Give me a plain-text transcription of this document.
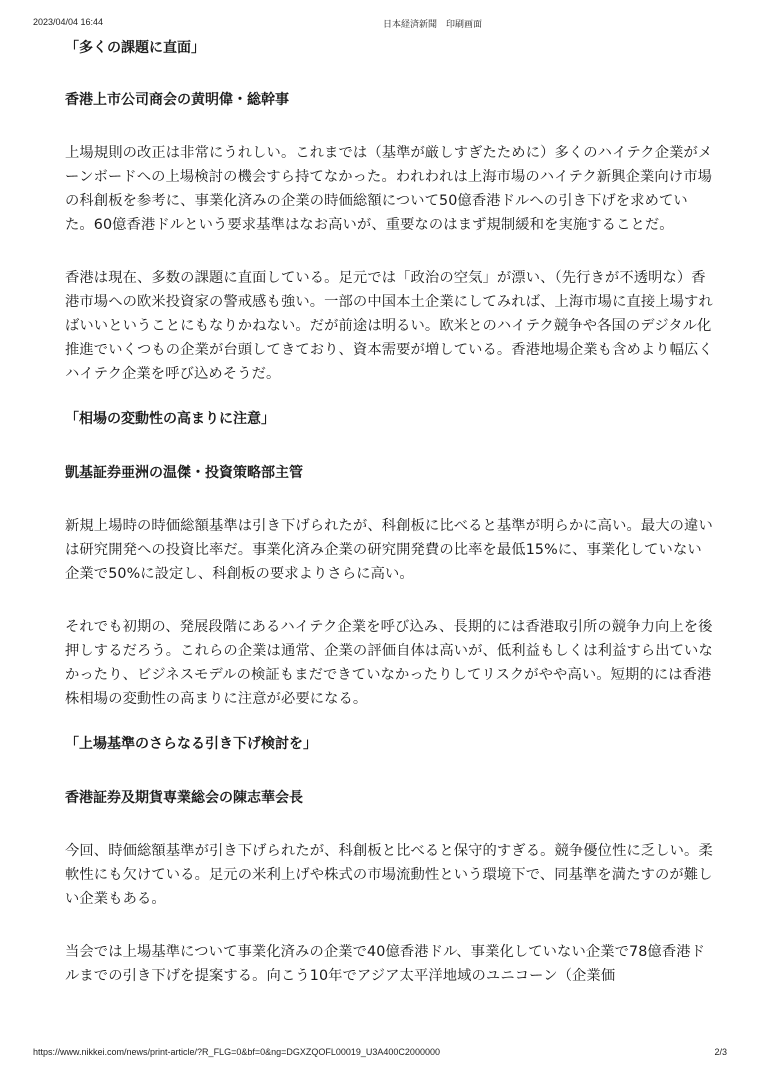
2023/04/04 16:44	日本経済新聞　印刷画面
「多くの課題に直面」
香港上市公司商会の黄明偉・総幹事

上場規則の改正は非常にうれしい。これまでは（基準が厳しすぎたために）多くのハイテク企業がメーンボードへの上場検討の機会すら持てなかった。われわれは上海市場のハイテク新興企業向け市場の科創板を参考に、事業化済みの企業の時価総額について50億香港ドルへの引き下げを求めていた。60億香港ドルという要求基準はなお高いが、重要なのはまず規制緩和を実施することだ。

香港は現在、多数の課題に直面している。足元では「政治の空気」が漂い、（先行きが不透明な）香港市場への欧米投資家の警戒感も強い。一部の中国本土企業にしてみれば、上海市場に直接上場すればいいということにもなりかねない。だが前途は明るい。欧米とのハイテク競争や各国のデジタル化推進でいくつもの企業が台頭してきており、資本需要が増している。香港地場企業も含めより幅広くハイテク企業を呼び込めそうだ。

「相場の変動性の高まりに注意」
凱基証券亜洲の温傑・投資策略部主管

新規上場時の時価総額基準は引き下げられたが、科創板に比べると基準が明らかに高い。最大の違いは研究開発への投資比率だ。事業化済み企業の研究開発費の比率を最低15%に、事業化していない企業で50%に設定し、科創板の要求よりさらに高い。

それでも初期の、発展段階にあるハイテク企業を呼び込み、長期的には香港取引所の競争力向上を後押しするだろう。これらの企業は通常、企業の評価自体は高いが、低利益もしくは利益すら出ていなかったり、ビジネスモデルの検証もまだできていなかったりしてリスクがやや高い。短期的には香港株相場の変動性の高まりに注意が必要になる。

「上場基準のさらなる引き下げ検討を」
香港証券及期貨専業総会の陳志華会長

今回、時価総額基準が引き下げられたが、科創板と比べると保守的すぎる。競争優位性に乏しい。柔軟性にも欠けている。足元の米利上げや株式の市場流動性という環境下で、同基準を満たすのが難しい企業もある。

当会では上場基準について事業化済みの企業で40億香港ドル、事業化していない企業で78億香港ドルまでの引き下げを提案する。向こう10年でアジア太平洋地域のユニコーン（企業価

https://www.nikkei.com/news/print-article/?R_FLG=0&bf=0&ng=DGXZQOFL00019_U3A400C2000000	2/3
